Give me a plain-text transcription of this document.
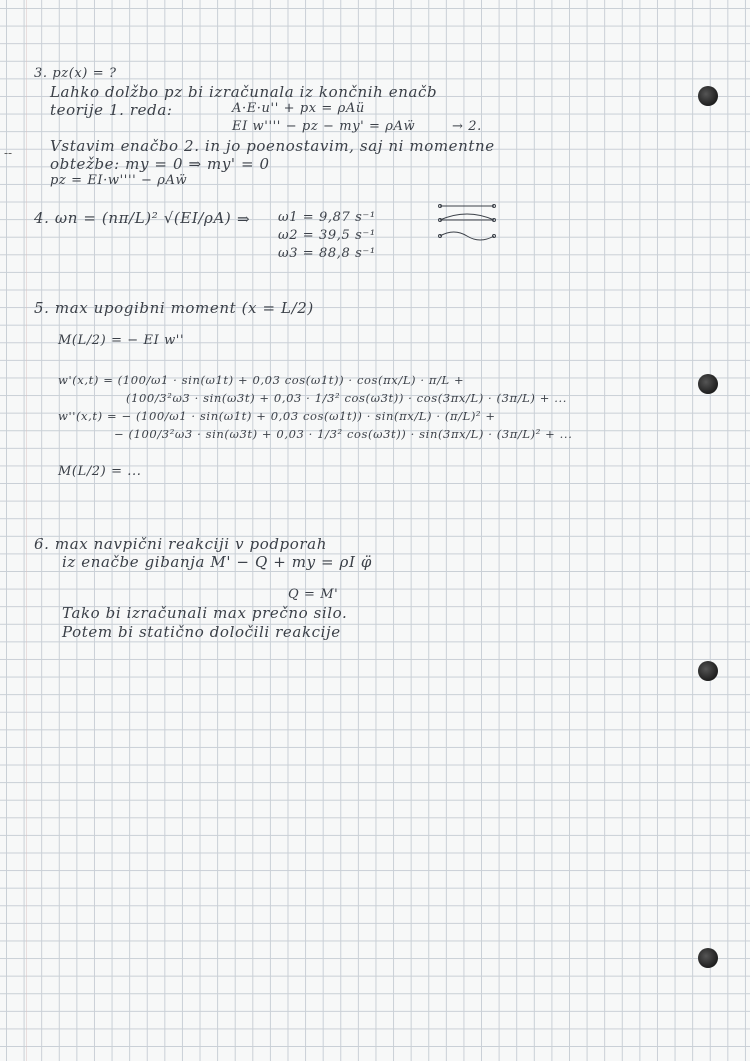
--
3. pz(x) = ?
Lahko dolžbo pz bi izračunala iz končnih enačb
teorije 1. reda:	A·E·u'' + px = ρAü
EI w'''' − pz − my' = ρAẅ	→ 2.
Vstavim enačbo 2. in jo poenostavim, saj ni momentne
obtežbe: my = 0 ⇒ my' = 0
pz = EI·w'''' − ρAẅ
4. ωn = (nπ/L)² √(EI/ρA) ⇒ ω1 = 9,87 s⁻¹
ω2 = 39,5 s⁻¹
ω3 = 88,8 s⁻¹
5. max upogibni moment (x = L/2)
M(L/2) = − EI w''
w'(x,t) = (100/ω1 · sin(ω1t) + 0,03 cos(ω1t)) · cos(πx/L) · π/L +
(100/3²ω3 · sin(ω3t) + 0,03 · 1/3² cos(ω3t)) · cos(3πx/L) · (3π/L) + ...
w''(x,t) = − (100/ω1 · sin(ω1t) + 0,03 cos(ω1t)) · sin(πx/L) · (π/L)² +
− (100/3²ω3 · sin(ω3t) + 0,03 · 1/3² cos(ω3t)) · sin(3πx/L) · (3π/L)² + ...
M(L/2) = ...
6. max navpični reakciji v podporah
iz enačbe gibanja M' − Q + my = ρI φ̈
Q = M'
Tako bi izračunali max prečno silo.
Potem bi statično določili reakcije
